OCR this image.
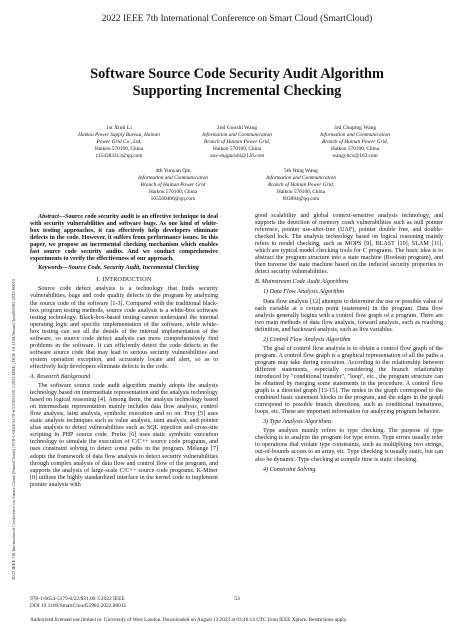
2022 IEEE 7th International Conference on Smart Cloud (SmartCloud)
2022 IEEE 7th International Conference on Smart Cloud (SmartCloud) | 978-1-6654-5179-6/22/$31.00 ©2022 IEEE | DOI: 10.1109/SmartCloud55982.2022.00015
Software Source Code Security Audit Algorithm
Supporting Incremental Checking
1st Xinli Li
Haikou Power Supply Bureau, Hainan
Power Grid Co., Ltd.
Haikou 570100, China
1154383313@qq.com
2nd Guoshi Wang
Information and Communication
Branch of Hainan Power Grid,
Haikou 570100, China
ssw-engguoshi@126.com
3rd Chuping Wang
Information and Communication
Branch of Hainan Power Grid,
Haikou 570100, China
wangyitcx@163.com
4th Yunyan Qin
Information and Communication
Branch of Hainan Power Grid
Haikou 570100, China
505560406@qq.com
5th Ning Wang
Information and Communication
Branch of Hainan Power Grid,
Haikou 570100, China
693884@qq.com

Abstract—Source code security audit is an effective technique to deal with security vulnerabilities and software bugs. As one kind of white-box testing approaches, it can effectively help developers eliminate defects in the code. However, it suffers from performance issues. In this paper, we propose an incremental checking mechanism which enables fast source code security audits. And we conduct comprehensive experiments to verify the effectiveness of our approach.

Keywords—Source Code, Security Audit, Incremental Checking

I. INTRODUCTION

Source code defect analysis is a technology that finds security vulnerabilities, bugs and code quality defects in the program by analyzing the source code of the software [1-3]. Compared with the traditional black-box program testing methods, source code analysis is a white-box software testing technology. Black-box-based testing cannot understand the internal operating logic and specific implementation of the software, while white-box testing can see all the details of the internal implementation of the software, so source code defect analysis can more comprehensively find problems in the software. It can efficiently detect the code defects in the software source code that may lead to serious security vulnerabilities and system operation exception, and accurately locate and alert, so as to effectively help developers eliminate defects in the code.

A. Research Background

The software source code audit algorithm mainly adopts the analysis technology based on intermediate representation and the analysis technology based on logical reasoning [4]. Among them, the analysis technology based on intermediate representation mainly includes data flow analysis, control flow analysis, taint analysis, symbolic execution and so on. Pixy [5] uses static analysis techniques such as value analysis, taint analysis, and pointer alias analysis to detect vulnerabilities such as SQL injection and cross-site scripting in PHP source code. Prefix [6] uses static symbolic execution technology to simulate the execution of C/C++ source code programs, and uses constraint solving to detect some paths in the program. Melange [7] adopts the framework of data flow analysis to detect security vulnerabilities through complex analysis of data flow and control flow of the program, and supports the analysis of large-scale C/C++ source code programs. K-Miner [8] utilizes the highly standardized interface in the kernel code to implement pointer analysis with

good scalability and global context-sensitive analysis technology, and supports the detection of memory crash vulnerabilities such as null pointer reference, pointer use-after-free (UAF), pointer double free, and double-checked lock. The analysis technology based on logical reasoning mainly refers to model checking, such as MOPS [9], BLAST [10], SLAM [11], which are typical model checking tools for C programs. The basic idea is to abstract the program structure into a state machine (Boolean program), and then traverse the state machine based on the induced security properties to detect security vulnerabilities.

B. Mainstream Code Audit Algorithms
1) Data Flow Analysis Algorithm

Data flow analysis [12] attempts to determine the use or possible value of each variable at a certain point (statement) in the program. Data flow analysis generally begins with a control flow graph of a program. There are two main methods of data flow analysis, forward analysis, such as reaching definition, and backward analysis, such as live variables.

2) Control Flow Analysis Algorithm

The goal of control flow analysis is to obtain a control flow graph of the program. A control flow graph is a graphical representation of all the paths a program may take during execution. According to the relationship between different statements, especially considering the branch relationship introduced by "conditional transfer", "loop", etc., the program structure can be obtained by merging some statements in the procedure. A control flow graph is a directed graph [13-15]. The nodes in the graph correspond to the combined basic statement blocks in the program, and the edges in the graph correspond to possible branch directions, such as conditional transitions, loops, etc. These are important information for analyzing program behavior.

3) Type Analysis Algorithms

Type analysis mainly refers to type checking. The purpose of type checking is to analyze the program for type errors. Type errors usually refer to operations that violate type constraints, such as multiplying two strings, out-of-bounds access to an array, etc. Type checking is usually static, but can also be dynamic. Type checking at compile time is static checking.

4) Constraint Solving
978-1-6654-5179-6/22/$31.00 ©2022 IEEE
DOI 10.1109/SmartCloud55982.2022.00015
53
Authorized licensed use limited to: University of West London. Downloaded on August 13,2023 at 03:46:14 UTC from IEEE Xplore. Restrictions apply.
